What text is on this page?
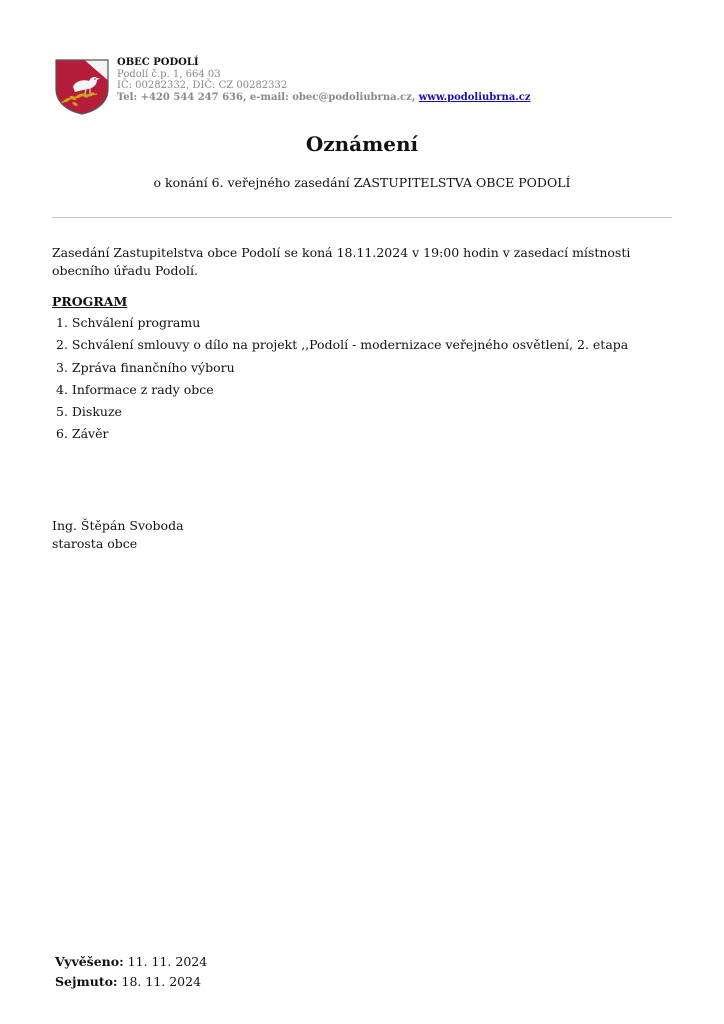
OBEC PODOLÍ
Podolí č.p. 1, 664 03
IČ: 00282332, DIČ: CZ 00282332
Tel: +420 544 247 636, e-mail: obec@podoliubrna.cz, www.podoliubrna.cz
Oznámení
o konání 6. veřejného zasedání ZASTUPITELSTVA OBCE PODOLÍ
Zasedání Zastupitelstva obce Podolí se koná 18.11.2024 v 19:00 hodin v zasedací místnosti obecního úřadu Podolí.
PROGRAM
1. Schválení programu
2. Schválení smlouvy o dílo na projekt ,,Podolí - modernizace veřejného osvětlení, 2. etapa
3. Zpráva finančního výboru
4. Informace z rady obce
5. Diskuze
6. Závěr
Ing. Štěpán Svoboda
starosta obce
Vyvěšeno: 11. 11. 2024
Sejmuto: 18. 11. 2024
